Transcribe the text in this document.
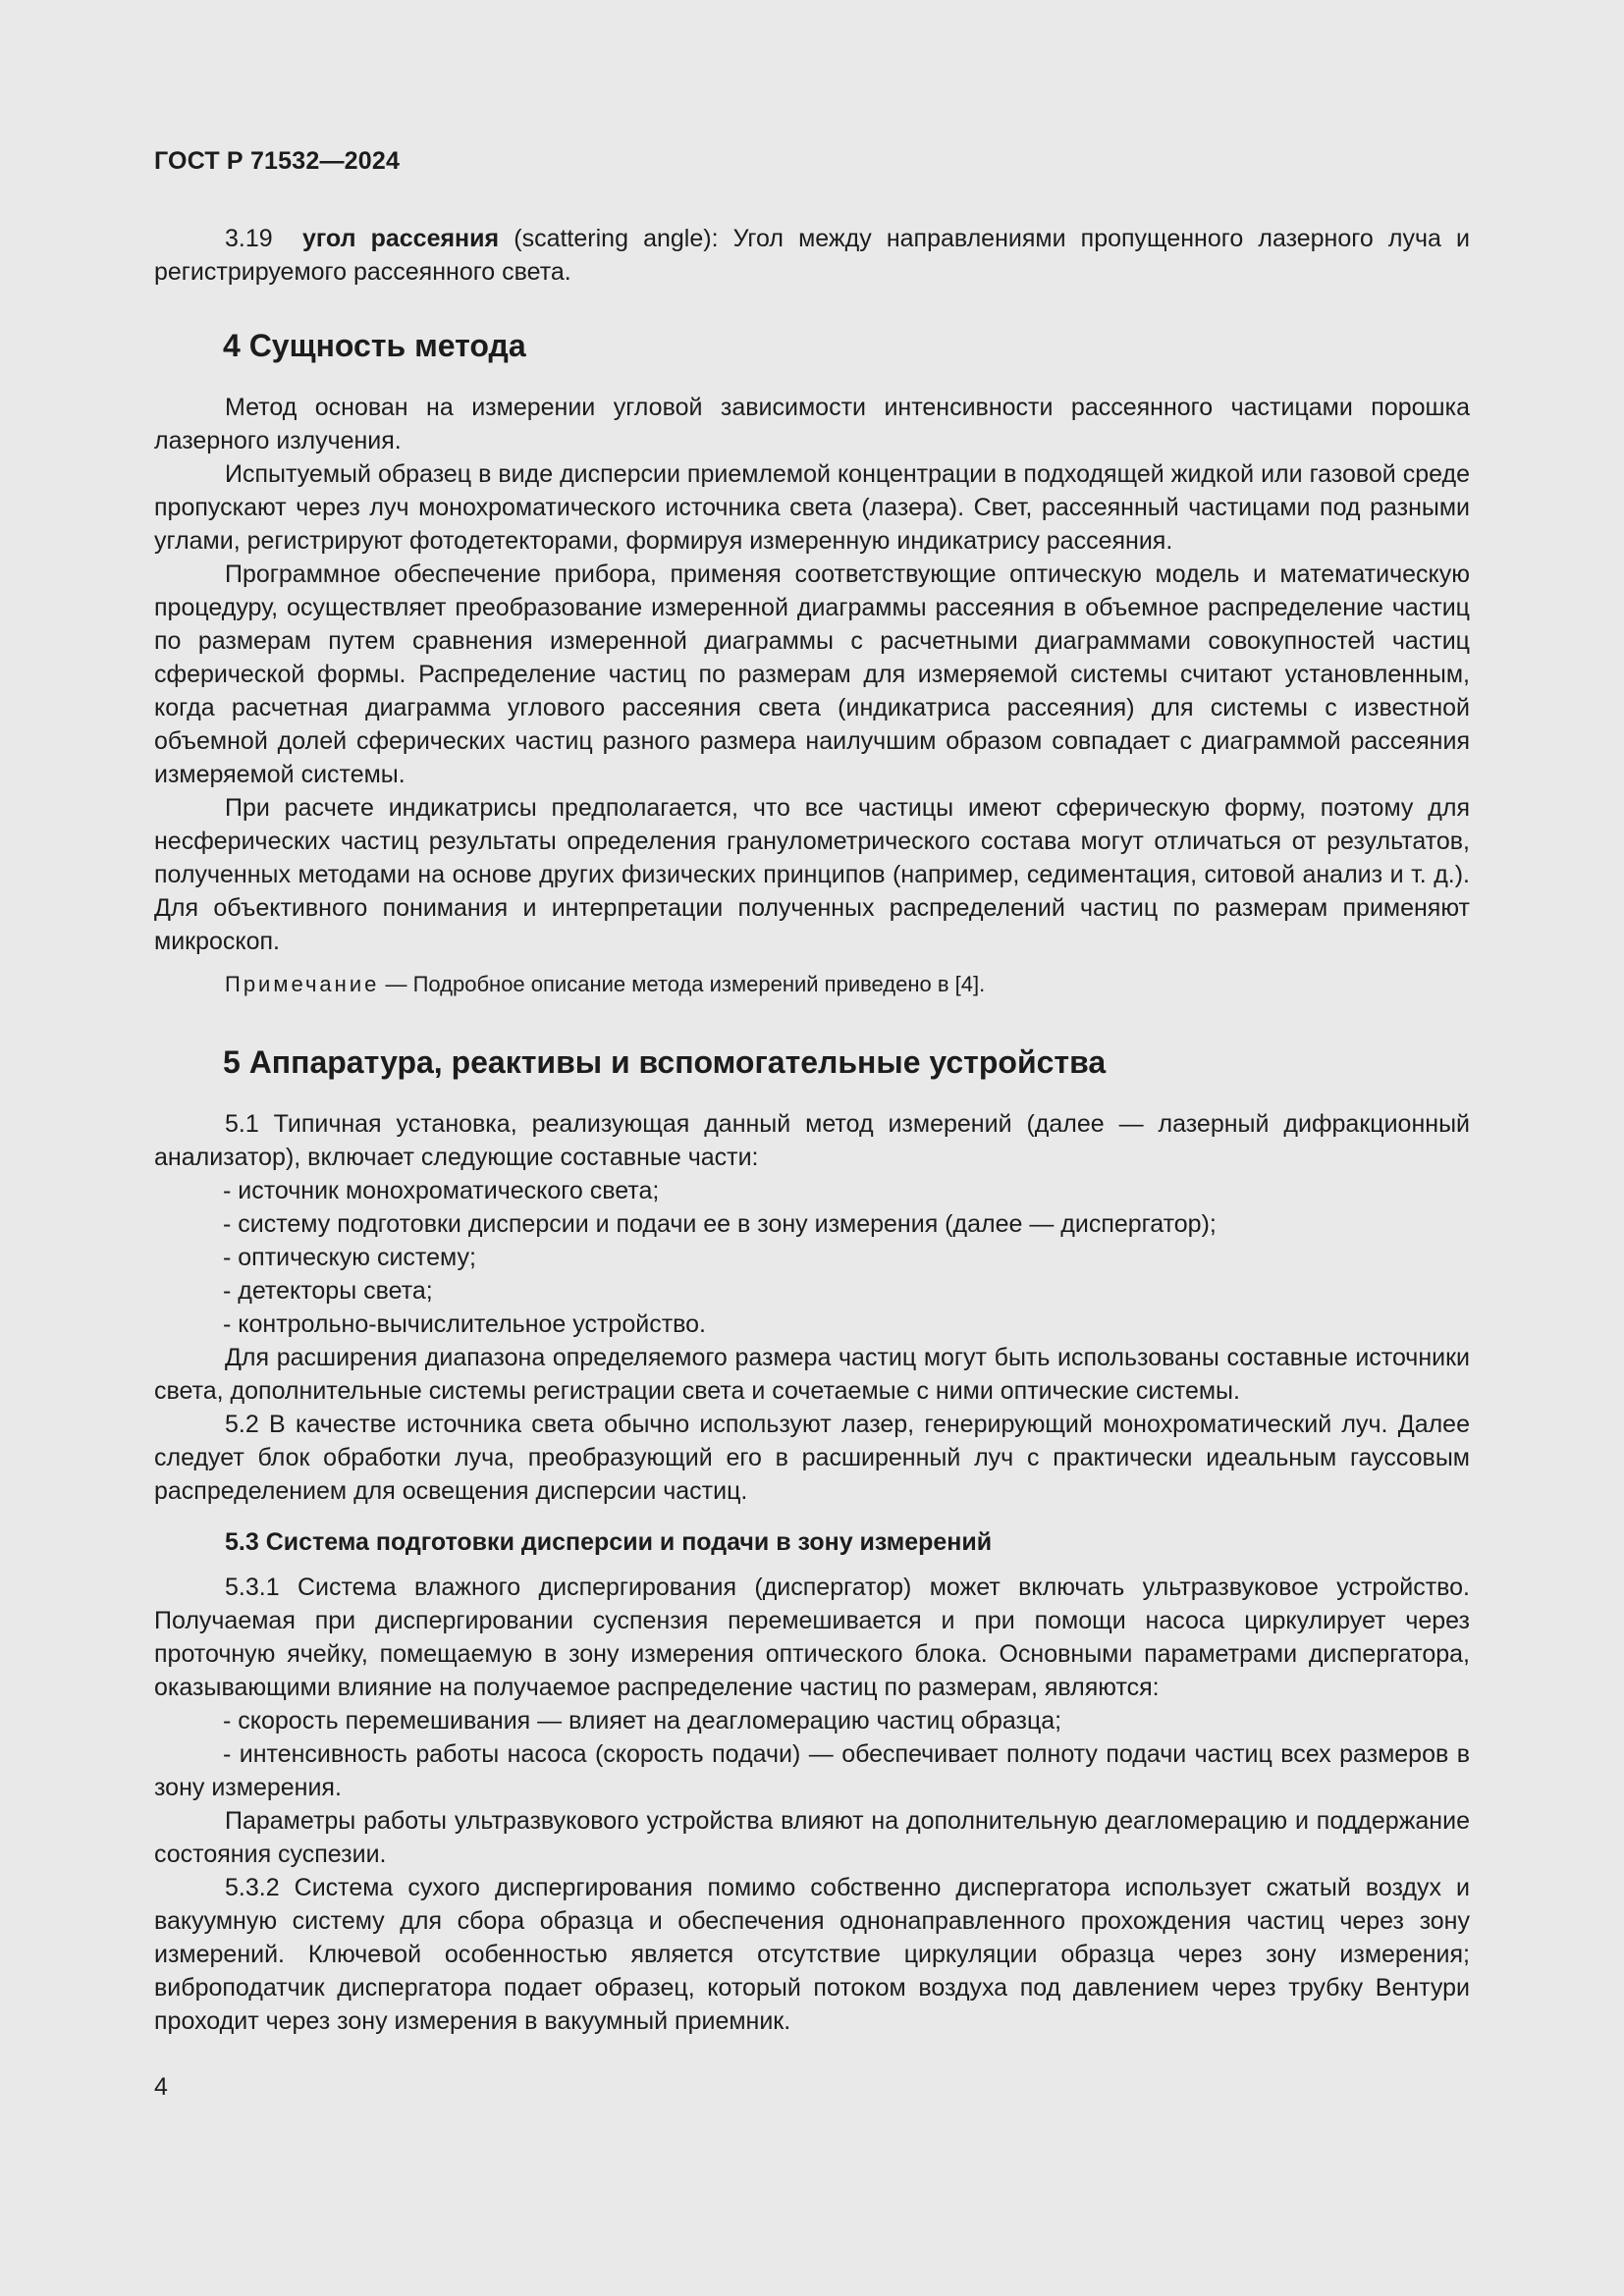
ГОСТ Р 71532—2024

3.19 угол рассеяния (scattering angle): Угол между направлениями пропущенного лазерного луча и регистрируемого рассеянного света.

4 Сущность метода

Метод основан на измерении угловой зависимости интенсивности рассеянного частицами порошка лазерного излучения.

Испытуемый образец в виде дисперсии приемлемой концентрации в подходящей жидкой или газовой среде пропускают через луч монохроматического источника света (лазера). Свет, рассеянный частицами под разными углами, регистрируют фотодетекторами, формируя измеренную индикатрису рассеяния.

Программное обеспечение прибора, применяя соответствующие оптическую модель и математическую процедуру, осуществляет преобразование измеренной диаграммы рассеяния в объемное распределение частиц по размерам путем сравнения измеренной диаграммы с расчетными диаграммами совокупностей частиц сферической формы. Распределение частиц по размерам для измеряемой системы считают установленным, когда расчетная диаграмма углового рассеяния света (индикатриса рассеяния) для системы с известной объемной долей сферических частиц разного размера наилучшим образом совпадает с диаграммой рассеяния измеряемой системы.

При расчете индикатрисы предполагается, что все частицы имеют сферическую форму, поэтому для несферических частиц результаты определения гранулометрического состава могут отличаться от результатов, полученных методами на основе других физических принципов (например, седиментация, ситовой анализ и т. д.). Для объективного понимания и интерпретации полученных распределений частиц по размерам применяют микроскоп.

Примечание — Подробное описание метода измерений приведено в [4].
5 Аппаратура, реактивы и вспомогательные устройства

5.1 Типичная установка, реализующая данный метод измерений (далее — лазерный дифракционный анализатор), включает следующие составные части:

- источник монохроматического света;

- систему подготовки дисперсии и подачи ее в зону измерения (далее — диспергатор);

- оптическую систему;

- детекторы света;

- контрольно-вычислительное устройство.

Для расширения диапазона определяемого размера частиц могут быть использованы составные источники света, дополнительные системы регистрации света и сочетаемые с ними оптические системы.

5.2 В качестве источника света обычно используют лазер, генерирующий монохроматический луч. Далее следует блок обработки луча, преобразующий его в расширенный луч с практически идеальным гауссовым распределением для освещения дисперсии частиц.

5.3 Система подготовки дисперсии и подачи в зону измерений

5.3.1 Система влажного диспергирования (диспергатор) может включать ультразвуковое устройство. Получаемая при диспергировании суспензия перемешивается и при помощи насоса циркулирует через проточную ячейку, помещаемую в зону измерения оптического блока. Основными параметрами диспергатора, оказывающими влияние на получаемое распределение частиц по размерам, являются:

- скорость перемешивания — влияет на деагломерацию частиц образца;

- интенсивность работы насоса (скорость подачи) — обеспечивает полноту подачи частиц всех размеров в зону измерения.

Параметры работы ультразвукового устройства влияют на дополнительную деагломерацию и поддержание состояния суспезии.

5.3.2 Система сухого диспергирования помимо собственно диспергатора использует сжатый воздух и вакуумную систему для сбора образца и обеспечения однонаправленного прохождения частиц через зону измерений. Ключевой особенностью является отсутствие циркуляции образца через зону измерения; виброподатчик диспергатора подает образец, который потоком воздуха под давлением через трубку Вентури проходит через зону измерения в вакуумный приемник.

4
